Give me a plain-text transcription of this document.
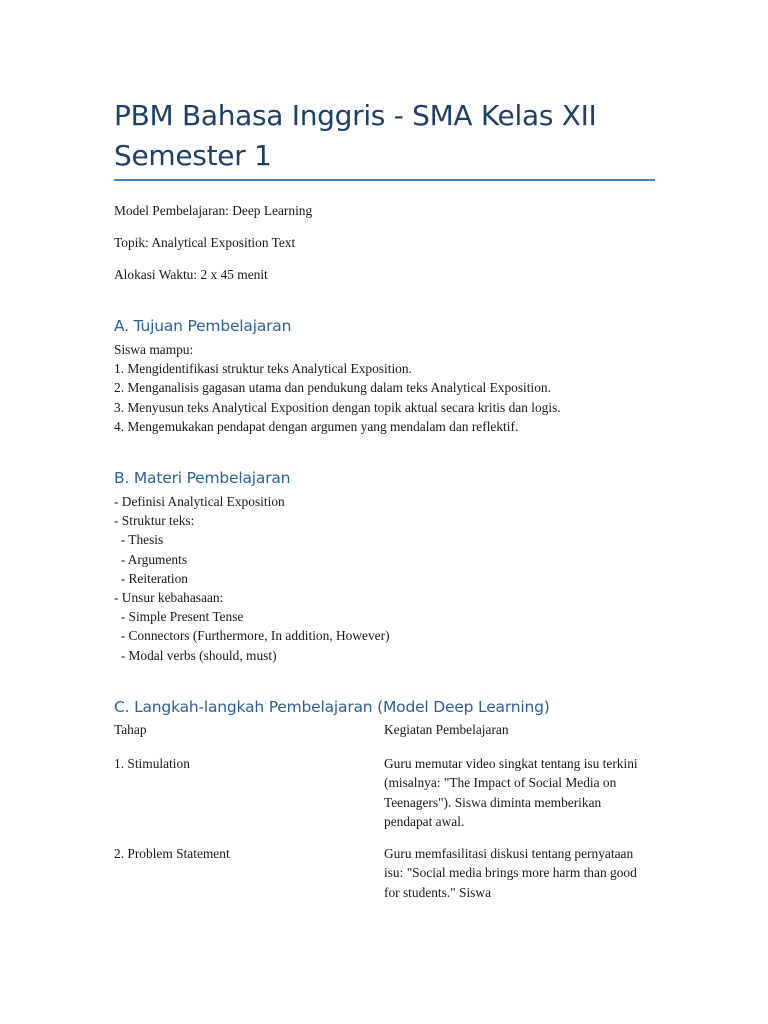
PBM Bahasa Inggris - SMA Kelas XII Semester 1

Model Pembelajaran: Deep Learning

Topik: Analytical Exposition Text

Alokasi Waktu: 2 x 45 menit

A. Tujuan Pembelajaran
Siswa mampu:
1. Mengidentifikasi struktur teks Analytical Exposition.
2. Menganalisis gagasan utama dan pendukung dalam teks Analytical Exposition.
3. Menyusun teks Analytical Exposition dengan topik aktual secara kritis dan logis.
4. Mengemukakan pendapat dengan argumen yang mendalam dan reflektif.
B. Materi Pembelajaran
- Definisi Analytical Exposition
- Struktur teks:
- Thesis
- Arguments
- Reiteration
- Unsur kebahasaan:
- Simple Present Tense
- Connectors (Furthermore, In addition, However)
- Modal verbs (should, must)
C. Langkah-langkah Pembelajaran (Model Deep Learning)
Tahap	Kegiatan Pembelajaran
1. Stimulation	Guru memutar video singkat tentang isu terkini (misalnya: "The Impact of Social Media on Teenagers"). Siswa diminta memberikan pendapat awal.
2. Problem Statement	Guru memfasilitasi diskusi tentang pernyataan isu: "Social media brings more harm than good for students." Siswa
